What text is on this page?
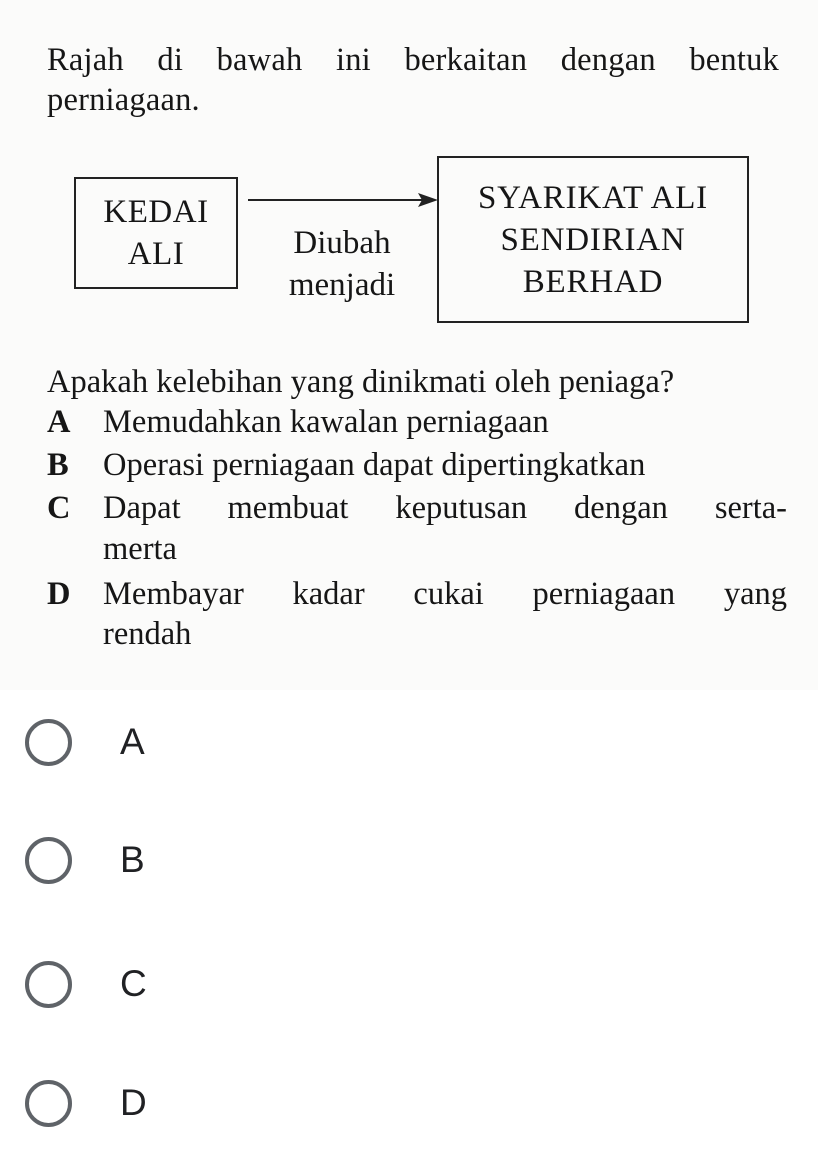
Rajah di bawah ini berkaitan dengan bentuk
perniagaan.
KEDAI
ALI	Diubah
menjadi
SYARIKAT ALI
SENDIRIAN
BERHAD
Apakah kelebihan yang dinikmati oleh peniaga?
A	Memudahkan kawalan perniagaan
B	Operasi perniagaan dapat dipertingkatkan
C	Dapat membuat keputusan dengan serta-
merta
D	Membayar kadar cukai perniagaan yang
rendah
A
B
C
D
